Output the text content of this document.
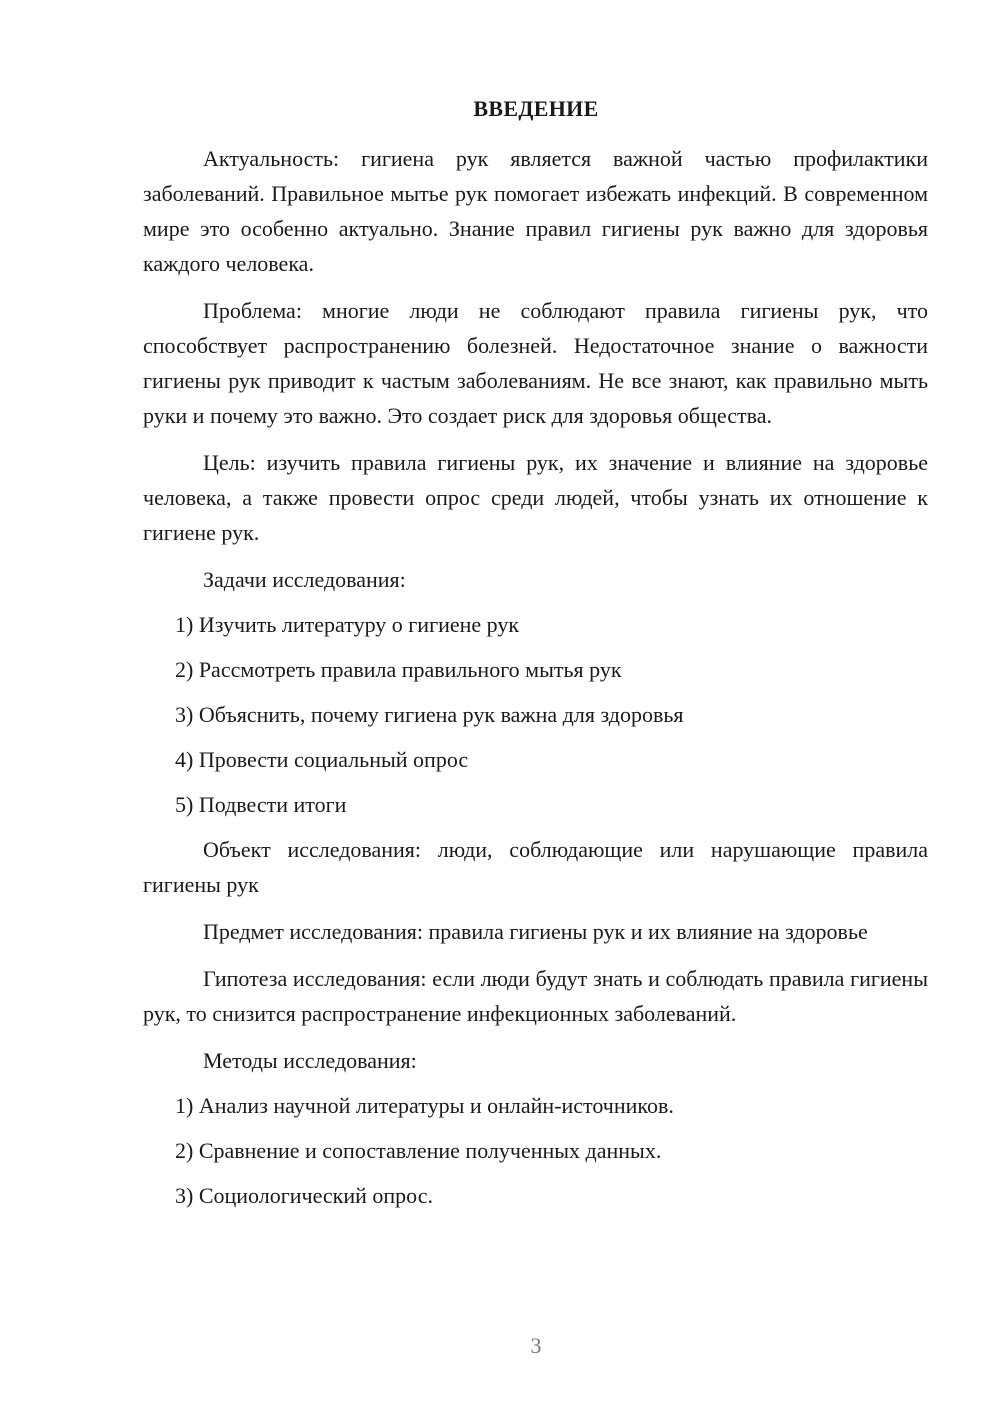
ВВЕДЕНИЕ

Актуальность: гигиена рук является важной частью профилактики заболеваний. Правильное мытье рук помогает избежать инфекций. В современном мире это особенно актуально. Знание правил гигиены рук важно для здоровья каждого человека.

Проблема: многие люди не соблюдают правила гигиены рук, что способствует распространению болезней. Недостаточное знание о важности гигиены рук приводит к частым заболеваниям. Не все знают, как правильно мыть руки и почему это важно. Это создает риск для здоровья общества.

Цель: изучить правила гигиены рук, их значение и влияние на здоровье человека, а также провести опрос среди людей, чтобы узнать их отношение к гигиене рук.

Задачи исследования:

1) Изучить литературу о гигиене рук
2) Рассмотреть правила правильного мытья рук
3) Объяснить, почему гигиена рук важна для здоровья
4) Провести социальный опрос
5) Подвести итоги

Объект исследования: люди, соблюдающие или нарушающие правила гигиены рук

Предмет исследования: правила гигиены рук и их влияние на здоровье

Гипотеза исследования: если люди будут знать и соблюдать правила гигиены рук, то снизится распространение инфекционных заболеваний.

Методы исследования:

1) Анализ научной литературы и онлайн-источников.
2) Сравнение и сопоставление полученных данных.
3) Социологический опрос.
3
